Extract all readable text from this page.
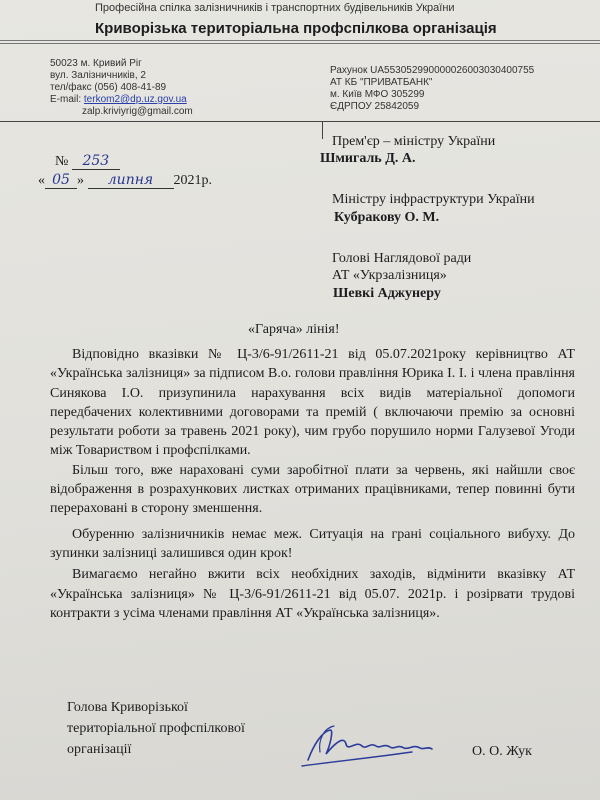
Професійна спілка залізничників і транспортних будівельників України
Криворізька територіальна профспілкова організація
50023 м. Кривий Ріг
вул. Залізничників, 2
тел/факс (056) 408-41-89
E-mail: terkom2@dp.uz.gov.ua
zalp.kriviyrig@gmail.com
Рахунок UA553052990000026003030400755
АТ КБ "ПРИВАТБАНК"
м. Київ МФО 305299
ЄДРПОУ 25842059
№ 253
« 05 » липня 2021р.
Прем'єр – міністру України
Шмигаль Д. А.
Міністру інфраструктури України
Кубракову О. М.
Голові Наглядової ради
АТ «Укрзалізниця»
Шевкі Аджунеру
«Гаряча» лінія!

Відповідно вказівки № Ц-3/6-91/2611-21 від 05.07.2021року керівництво АТ «Українська залізниця» за підписом В.о. голови правління Юрика І. І. і члена правління Синякова І.О. призупинила нарахування всіх видів матеріальної допомоги передбачених колективними договорами та премій ( включаючи премію за основні результати роботи за травень 2021 року), чим грубо порушило норми Галузевої Угоди між Товариством і профспілками.

Більш того, вже нараховані суми заробітної плати за червень, які найшли своє відображення в розрахункових листках отриманих працівниками, тепер повинні бути перераховані в сторону зменшення.

Обуренню залізничників немає меж. Ситуація на грані соціального вибуху. До зупинки залізниці залишився один крок!

Вимагаємо негайно вжити всіх необхідних заходів, відмінити вказівку АТ «Українська залізниця» № Ц-3/6-91/2611-21 від 05.07. 2021р. і розірвати трудові контракти з усіма членами правління АТ «Українська залізниця».

Голова Криворізької
територіальної профспілкової
організації	О. О. Жук
